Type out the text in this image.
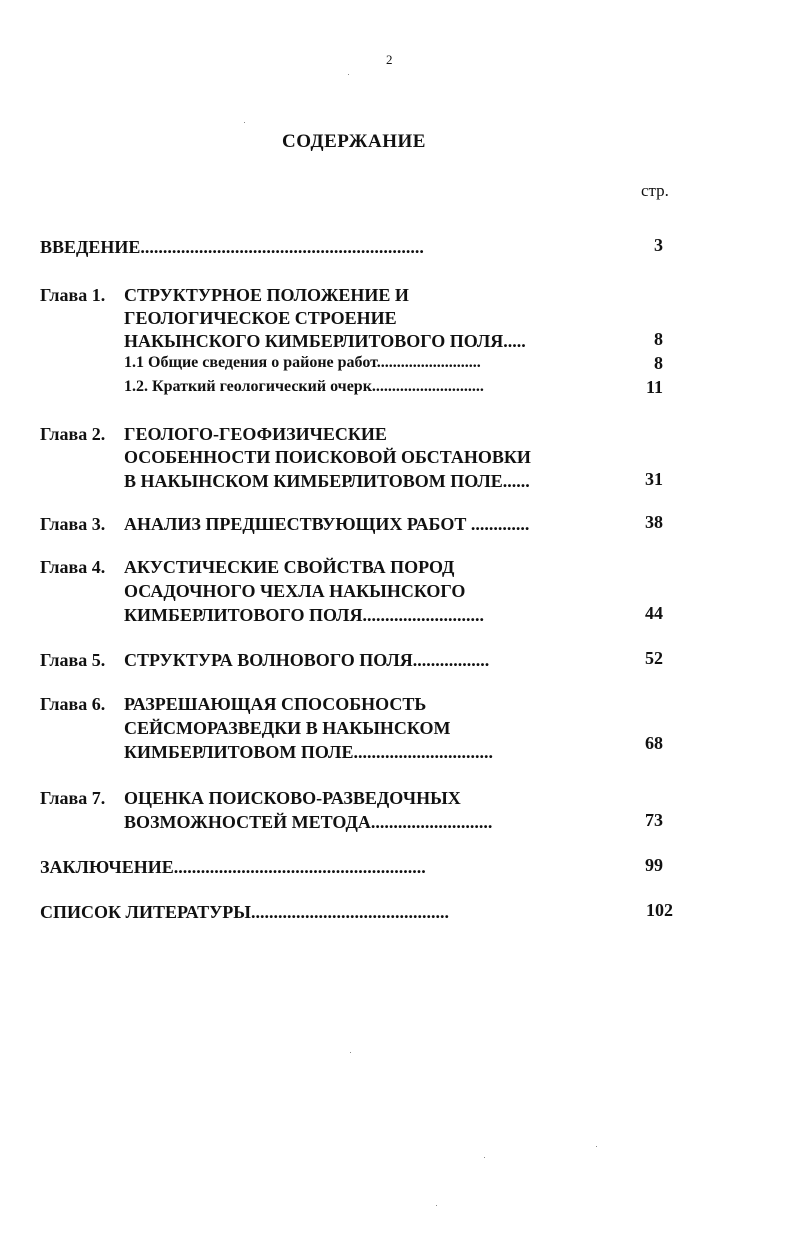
2
СОДЕРЖАНИЕ
стр.
ВВЕДЕНИЕ...............................................................	3
Глава 1. СТРУКТУРНОЕ ПОЛОЖЕНИЕ И
ГЕОЛОГИЧЕСКОЕ СТРОЕНИЕ
НАКЫНСКОГО КИМБЕРЛИТОВОГО ПОЛЯ.....	8
1.1 Общие сведения о районе работ..........................	8
1.2. Краткий геологический очерк............................	11
Глава 2. ГЕОЛОГО-ГЕОФИЗИЧЕСКИЕ
ОСОБЕННОСТИ ПОИСКОВОЙ ОБСТАНОВКИ
В НАКЫНСКОМ КИМБЕРЛИТОВОМ ПОЛЕ......	31
Глава 3. АНАЛИЗ ПРЕДШЕСТВУЮЩИХ РАБОТ .............	38
Глава 4. АКУСТИЧЕСКИЕ СВОЙСТВА ПОРОД
ОСАДОЧНОГО ЧЕХЛА НАКЫНСКОГО
КИМБЕРЛИТОВОГО ПОЛЯ...........................	44
Глава 5. СТРУКТУРА ВОЛНОВОГО ПОЛЯ.................	52
Глава 6. РАЗРЕШАЮЩАЯ СПОСОБНОСТЬ
СЕЙСМОРАЗВЕДКИ В НАКЫНСКОМ
КИМБЕРЛИТОВОМ ПОЛЕ...............................	68
Глава 7. ОЦЕНКА ПОИСКОВО-РАЗВЕДОЧНЫХ
ВОЗМОЖНОСТЕЙ МЕТОДА...........................	73
ЗАКЛЮЧЕНИЕ........................................................	99
СПИСОК ЛИТЕРАТУРЫ............................................	102
